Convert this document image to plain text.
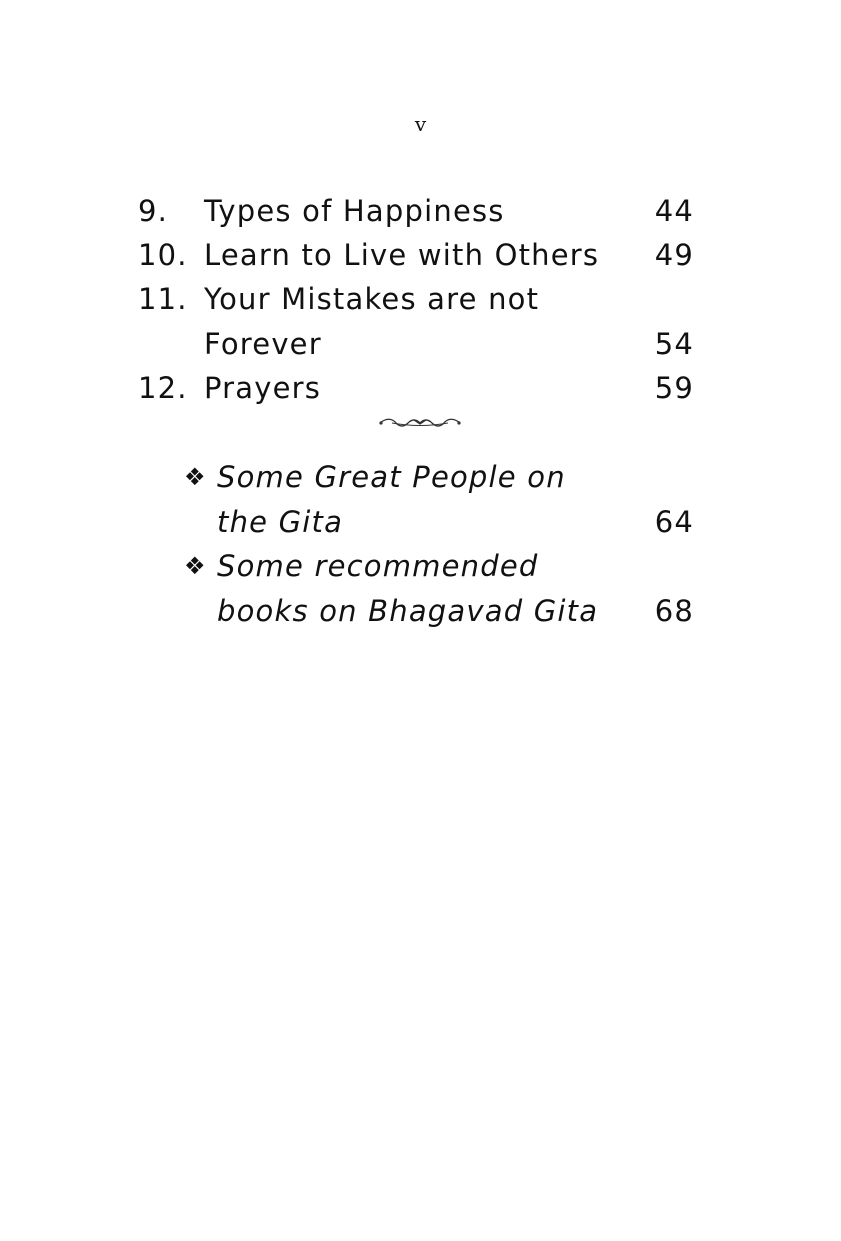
v
9. Types of Happiness	44
10. Learn to Live with Others	49
11. Your Mistakes are not
Forever	54
12. Prayers	59
❖ Some Great People on
the Gita	64
❖ Some recommended
books on Bhagavad Gita	68
